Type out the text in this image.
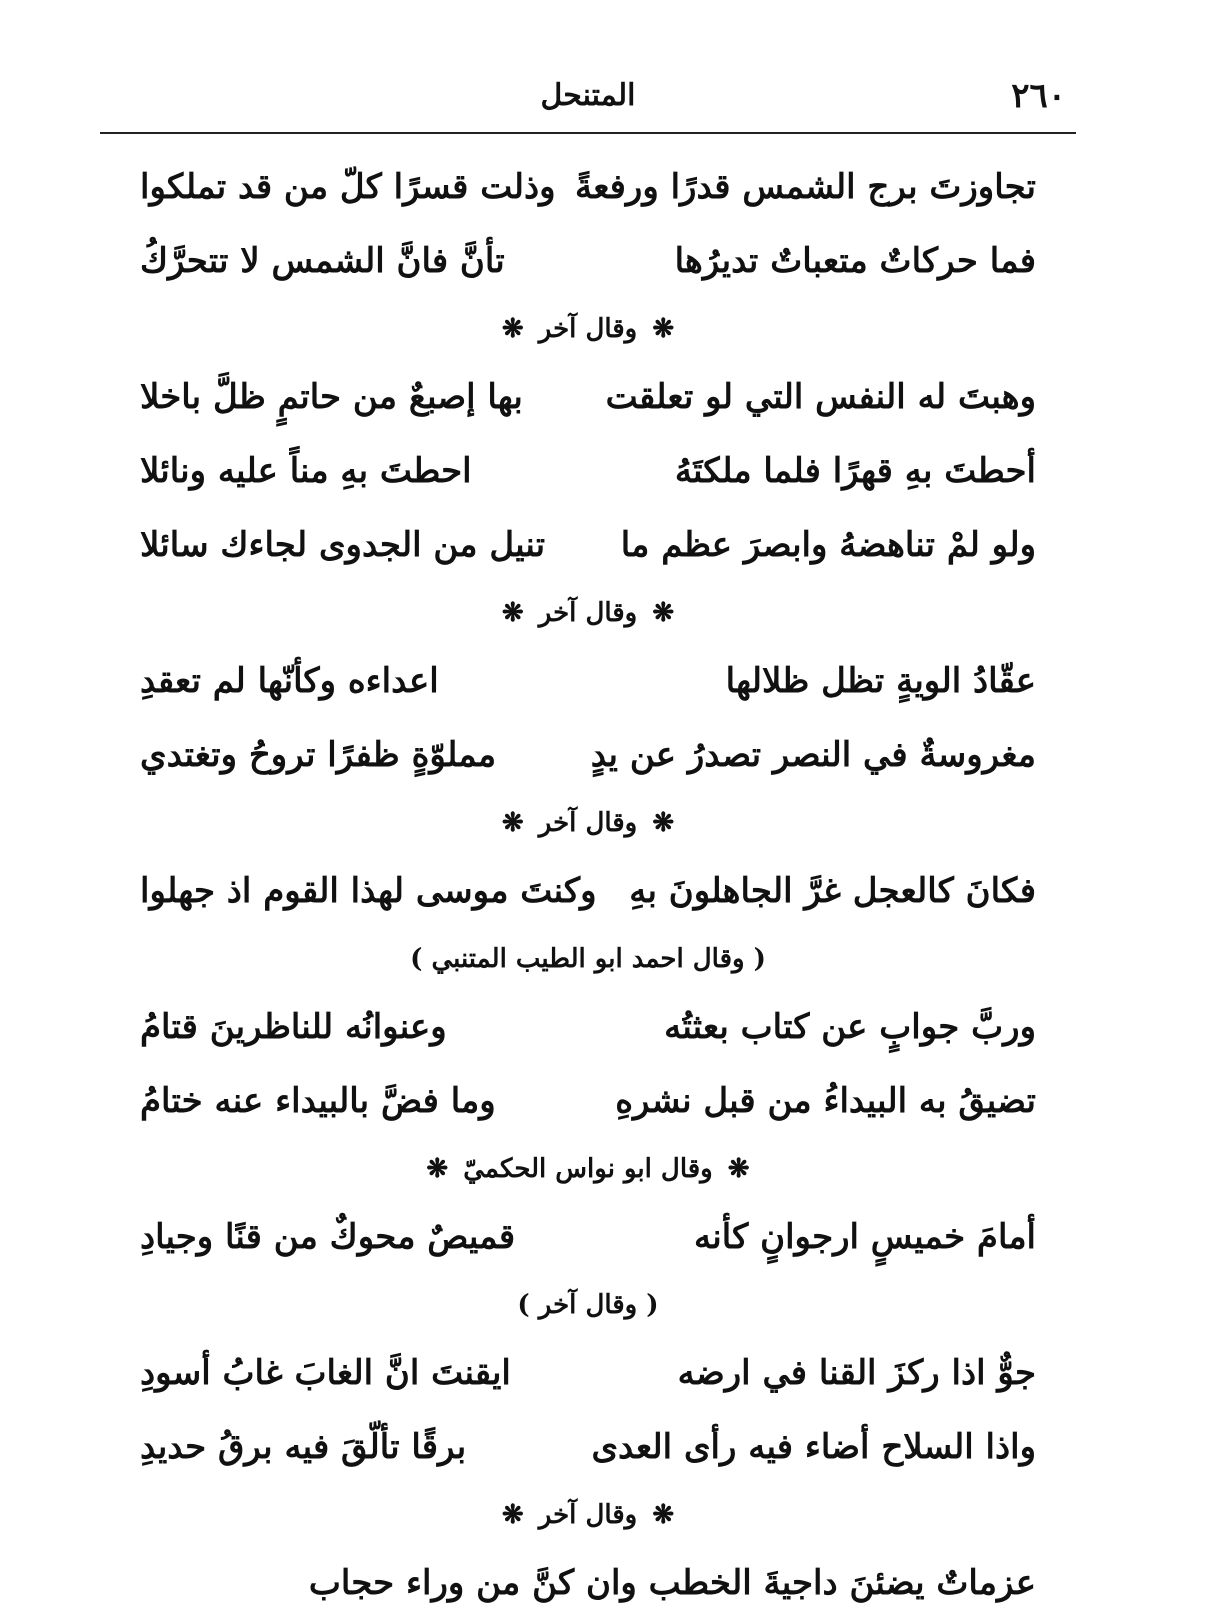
٢٦٠
المتنحل
تجاوزتَ برج الشمس قدرًا ورفعةً
وذلت قسرًا كلّ من قد تملكوا
فما حركاتٌ متعباتٌ تديرُها
تأنَّ فانَّ الشمس لا تتحرَّكُ
❋ وقال آخر ❋
وهبتَ له النفس التي لو تعلقت
بها إصبعٌ من حاتمٍ ظلَّ باخلا
أحطتَ بهِ قهرًا فلما ملكتَهُ
احطتَ بهِ مناً عليه ونائلا
ولو لمْ تناهضهُ وابصرَ عظم ما
تنيل من الجدوى لجاءك سائلا
❋ وقال آخر ❋
عقّادُ الويةٍ تظل ظلالها
اعداءه وكأنّها لم تعقدِ
مغروسةٌ في النصر تصدرُ عن يدٍ
مملوّةٍ ظفرًا تروحُ وتغتدي
❋ وقال آخر ❋
فكانَ كالعجل غرَّ الجاهلونَ بهِ
وكنتَ موسى لهذا القوم اذ جهلوا
( وقال احمد ابو الطيب المتنبي )
وربَّ جوابٍ عن كتاب بعثتُه
وعنوانُه للناظرينَ قتامُ
تضيقُ به البيداءُ من قبل نشرهِ
وما فضَّ بالبيداء عنه ختامُ
❋ وقال ابو نواس الحكميّ ❋
أمامَ خميسٍ ارجوانٍ كأنه
قميصٌ محوكٌ من قنًا وجيادِ
( وقال آخر )
جوٌّ اذا ركزَ القنا في ارضه
ايقنتَ انَّ الغابَ غابُ أسودِ
واذا السلاح أضاء فيه رأى العدى
برقًا تألّقَ فيه برقُ حديدِ
❋ وقال آخر ❋
عزماتٌ يضئنَ داجيةَ الخطب وان كنَّ من وراء حجاب
